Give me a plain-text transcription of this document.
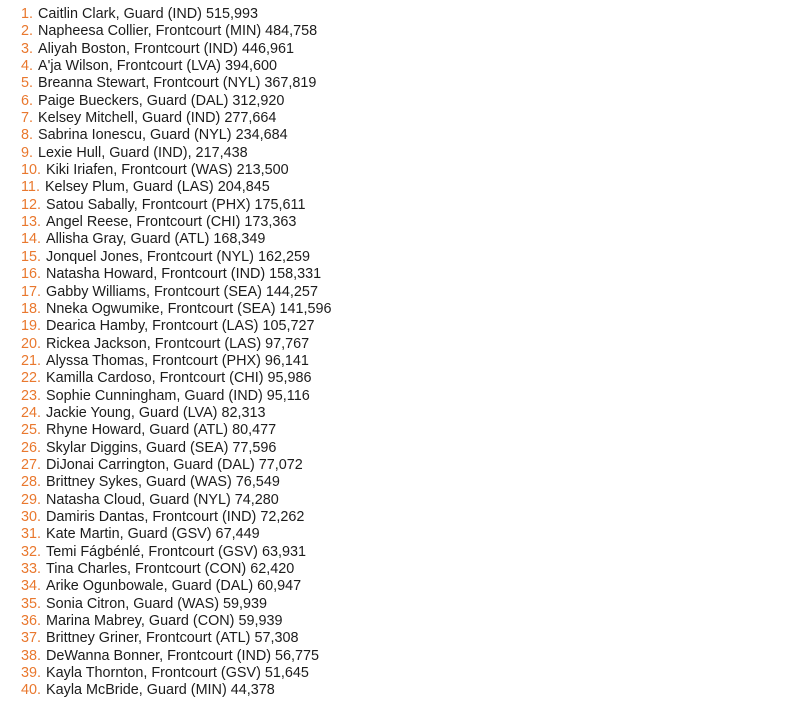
1. Caitlin Clark, Guard (IND) 515,993
2. Napheesa Collier, Frontcourt (MIN) 484,758
3. Aliyah Boston, Frontcourt (IND) 446,961
4. A'ja Wilson, Frontcourt (LVA) 394,600
5. Breanna Stewart, Frontcourt (NYL) 367,819
6. Paige Bueckers, Guard (DAL) 312,920
7. Kelsey Mitchell, Guard (IND) 277,664
8. Sabrina Ionescu, Guard (NYL) 234,684
9. Lexie Hull, Guard (IND), 217,438
10. Kiki Iriafen, Frontcourt (WAS) 213,500
11. Kelsey Plum, Guard (LAS) 204,845
12. Satou Sabally, Frontcourt (PHX) 175,611
13. Angel Reese, Frontcourt (CHI) 173,363
14. Allisha Gray, Guard (ATL) 168,349
15. Jonquel Jones, Frontcourt (NYL) 162,259
16. Natasha Howard, Frontcourt (IND) 158,331
17. Gabby Williams, Frontcourt (SEA) 144,257
18. Nneka Ogwumike, Frontcourt (SEA) 141,596
19. Dearica Hamby, Frontcourt (LAS) 105,727
20. Rickea Jackson, Frontcourt (LAS) 97,767
21. Alyssa Thomas, Frontcourt (PHX) 96,141
22. Kamilla Cardoso, Frontcourt (CHI) 95,986
23. Sophie Cunningham, Guard (IND) 95,116
24. Jackie Young, Guard (LVA) 82,313
25. Rhyne Howard, Guard (ATL) 80,477
26. Skylar Diggins, Guard (SEA) 77,596
27. DiJonai Carrington, Guard (DAL) 77,072
28. Brittney Sykes, Guard (WAS) 76,549
29. Natasha Cloud, Guard (NYL) 74,280
30. Damiris Dantas, Frontcourt (IND) 72,262
31. Kate Martin, Guard (GSV) 67,449
32. Temi Fágbénlé, Frontcourt (GSV) 63,931
33. Tina Charles, Frontcourt (CON) 62,420
34. Arike Ogunbowale, Guard (DAL) 60,947
35. Sonia Citron, Guard (WAS) 59,939
36. Marina Mabrey, Guard (CON) 59,939
37. Brittney Griner, Frontcourt (ATL) 57,308
38. DeWanna Bonner, Frontcourt (IND) 56,775
39. Kayla Thornton, Frontcourt (GSV) 51,645
40. Kayla McBride, Guard (MIN) 44,378
